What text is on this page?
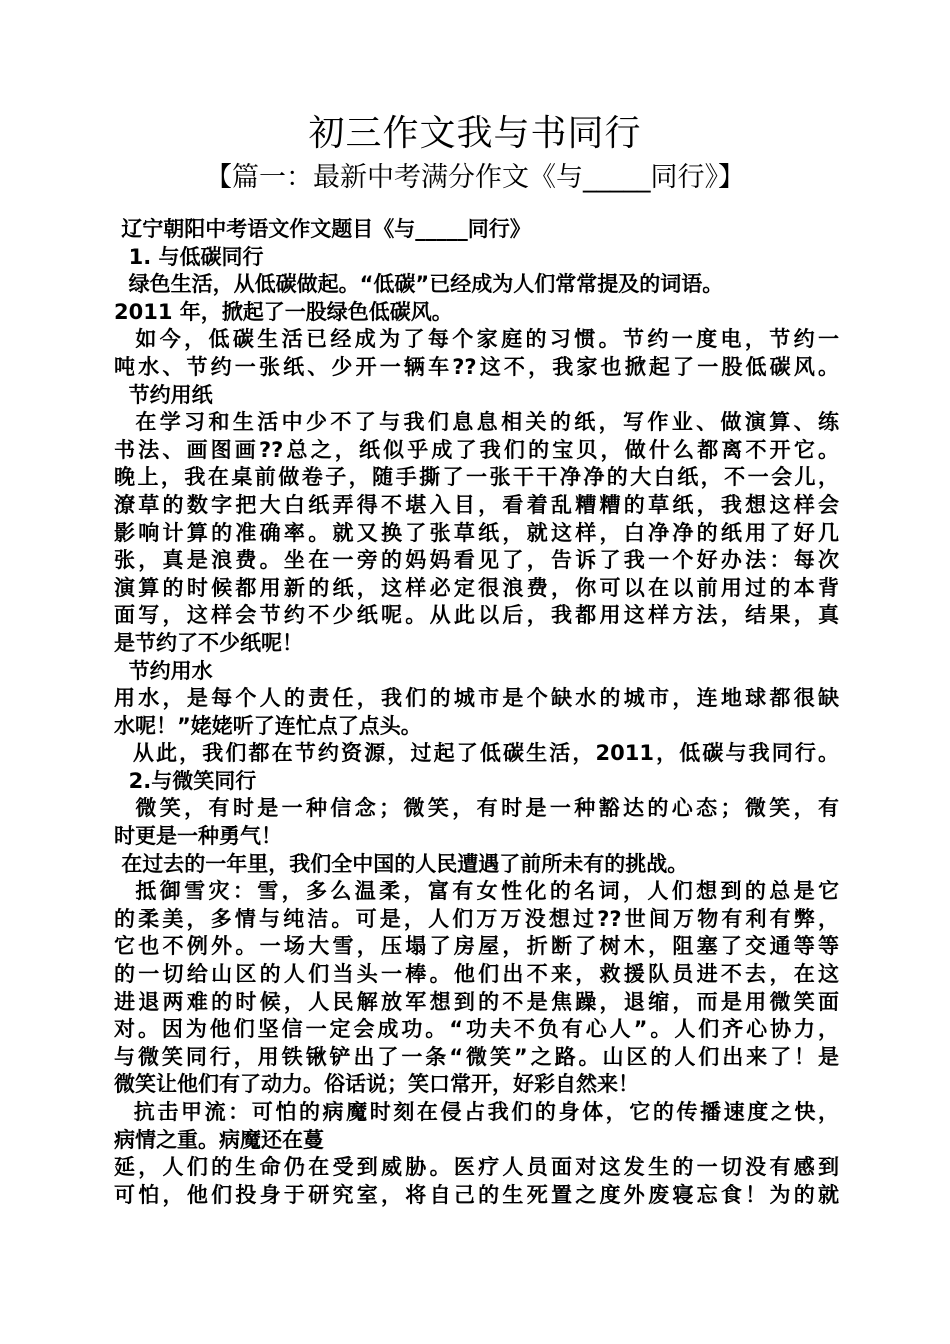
初三作文我与书同行
【篇一：最新中考满分作文《与_____同行》】
辽宁朝阳中考语文作文题目《与_____同行》
1. 与低碳同行
绿色生活，从低碳做起。“低碳”已经成为人们常常提及的词语。
2011 年，掀起了一股绿色低碳风。
如今，低碳生活已经成为了每个家庭的习惯。节约一度电，节约一
吨水、节约一张纸、少开一辆车??这不，我家也掀起了一股低碳风。
节约用纸
在学习和生活中少不了与我们息息相关的纸，写作业、做演算、练
书法、画图画??总之，纸似乎成了我们的宝贝，做什么都离不开它。
晚上，我在桌前做卷子，随手撕了一张干干净净的大白纸，不一会儿，
潦草的数字把大白纸弄得不堪入目，看着乱糟糟的草纸，我想这样会
影响计算的准确率。就又换了张草纸，就这样，白净净的纸用了好几
张，真是浪费。坐在一旁的妈妈看见了，告诉了我一个好办法：每次
演算的时候都用新的纸，这样必定很浪费，你可以在以前用过的本背
面写，这样会节约不少纸呢。从此以后，我都用这样方法，结果，真
是节约了不少纸呢！
节约用水
用水，是每个人的责任，我们的城市是个缺水的城市，连地球都很缺
水呢！”姥姥听了连忙点了点头。
从此，我们都在节约资源，过起了低碳生活，2011，低碳与我同行。
2.与微笑同行
微笑，有时是一种信念；微笑，有时是一种豁达的心态；微笑，有
时更是一种勇气！
在过去的一年里，我们全中国的人民遭遇了前所未有的挑战。
抵御雪灾：雪，多么温柔，富有女性化的名词，人们想到的总是它
的柔美，多情与纯洁。可是，人们万万没想过??世间万物有利有弊，
它也不例外。一场大雪，压塌了房屋，折断了树木，阻塞了交通等等
的一切给山区的人们当头一棒。他们出不来，救援队员进不去，在这
进退两难的时候，人民解放军想到的不是焦躁，退缩，而是用微笑面
对。因为他们坚信一定会成功。“功夫不负有心人”。人们齐心协力，
与微笑同行，用铁锹铲出了一条“微笑”之路。山区的人们出来了！是
微笑让他们有了动力。俗话说；笑口常开，好彩自然来！
抗击甲流：可怕的病魔时刻在侵占我们的身体，它的传播速度之快，
病情之重。病魔还在蔓
延，人们的生命仍在受到威胁。医疗人员面对这发生的一切没有感到
可怕，他们投身于研究室，将自己的生死置之度外废寝忘食！为的就
